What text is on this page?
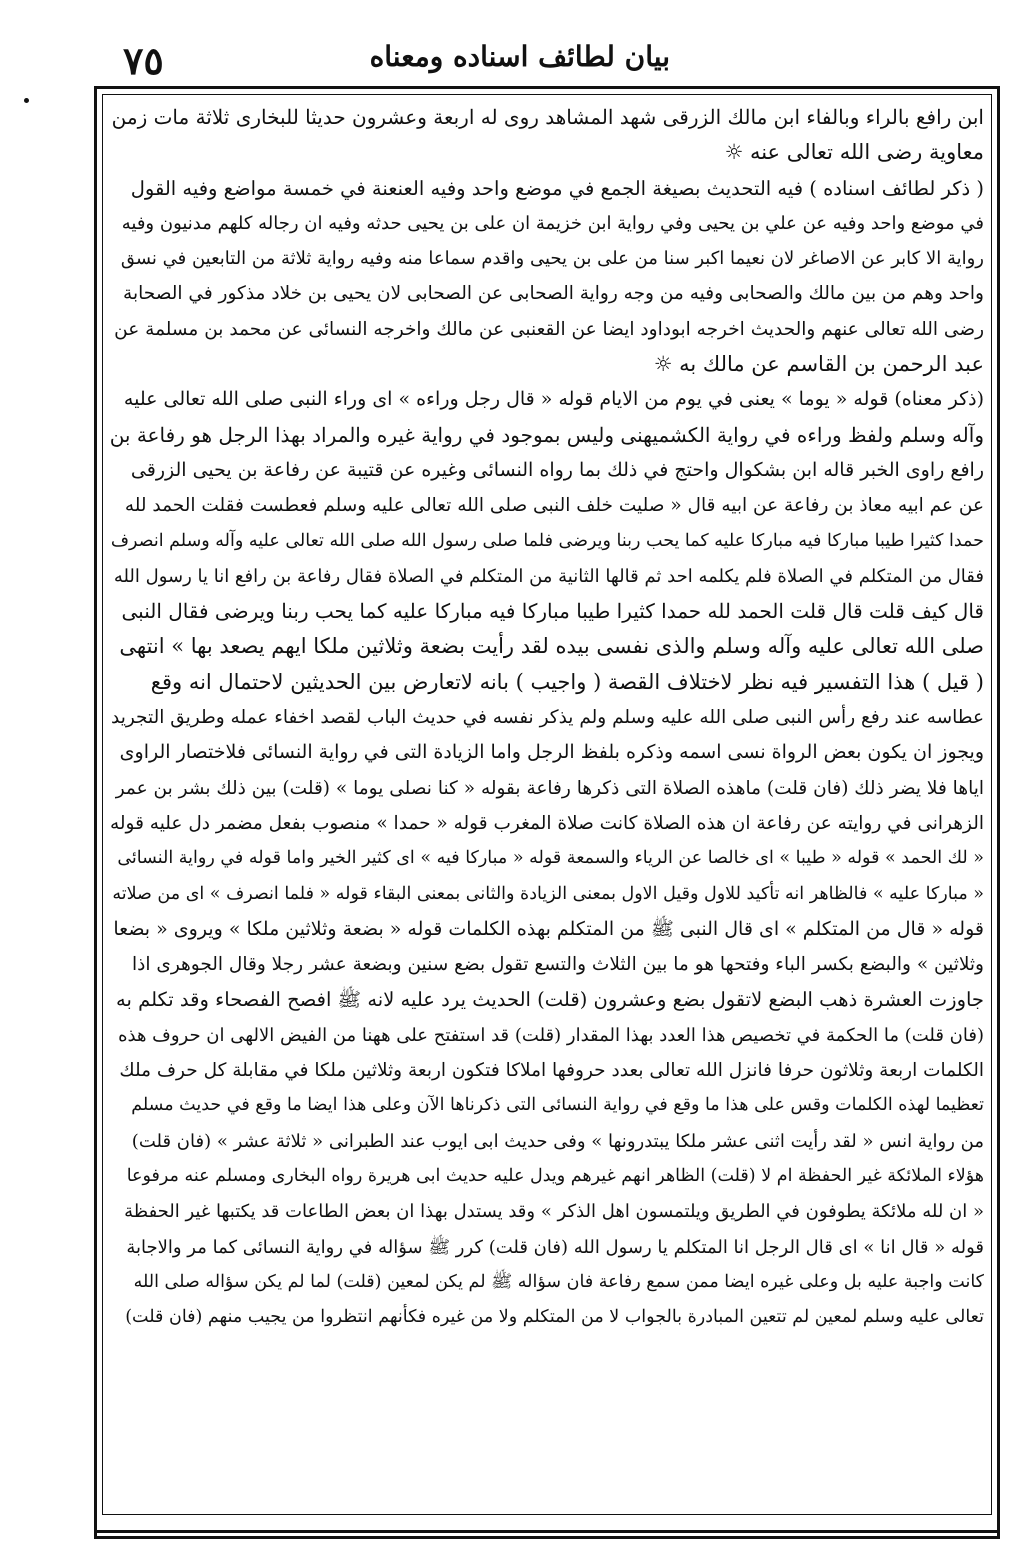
بيان لطائف اسناده ومعناه
٧٥
ابن رافع بالراء وبالفاء ابن مالك الزرقى شهد المشاهد روى له اربعة وعشرون حديثا للبخارى ثلاثة مات زمن
معاوية رضى الله تعالى عنه ☼
( ذكر لطائف اسناده ) فيه التحديث بصيغة الجمع في موضع واحد وفيه العنعنة في خمسة مواضع وفيه القول
في موضع واحد وفيه عن علي بن يحيى وفي رواية ابن خزيمة ان على بن يحيى حدثه وفيه ان رجاله كلهم مدنيون وفيه
رواية الا كابر عن الاصاغر لان نعيما اكبر سنا من على بن يحيى واقدم سماعا منه وفيه رواية ثلاثة من التابعين في نسق
واحد وهم من بين مالك والصحابى وفيه من وجه رواية الصحابى عن الصحابى لان يحيى بن خلاد مذكور في الصحابة
رضى الله تعالى عنهم والحديث اخرجه ابوداود ايضا عن القعنبى عن مالك واخرجه النسائى عن محمد بن مسلمة عن
عبد الرحمن بن القاسم عن مالك به ☼
(ذكر معناه) قوله « يوما » يعنى في يوم من الايام قوله « قال رجل وراءه » اى وراء النبى صلى الله تعالى عليه
وآله وسلم ولفظ وراءه في رواية الكشميهنى وليس بموجود في رواية غيره والمراد بهذا الرجل هو رفاعة بن
رافع راوى الخبر قاله ابن بشكوال واحتج في ذلك بما رواه النسائى وغيره عن قتيبة عن رفاعة بن يحيى الزرقى
عن عم ابيه معاذ بن رفاعة عن ابيه قال « صليت خلف النبى صلى الله تعالى عليه وسلم فعطست فقلت الحمد لله
حمدا كثيرا طيبا مباركا فيه مباركا عليه كما يحب ربنا ويرضى فلما صلى رسول الله صلى الله تعالى عليه وآله وسلم انصرف
فقال من المتكلم في الصلاة فلم يكلمه احد ثم قالها الثانية من المتكلم في الصلاة فقال رفاعة بن رافع انا يا رسول الله
قال كيف قلت قال قلت الحمد لله حمدا كثيرا طيبا مباركا فيه مباركا عليه كما يحب ربنا ويرضى فقال النبى
صلى الله تعالى عليه وآله وسلم والذى نفسى بيده لقد رأيت بضعة وثلاثين ملكا ايهم يصعد بها » انتهى
( قيل ) هذا التفسير فيه نظر لاختلاف القصة ( واجيب ) بانه لاتعارض بين الحديثين لاحتمال انه وقع
عطاسه عند رفع رأس النبى صلى الله عليه وسلم ولم يذكر نفسه في حديث الباب لقصد اخفاء عمله وطريق التجريد
ويجوز ان يكون بعض الرواة نسى اسمه وذكره بلفظ الرجل واما الزيادة التى في رواية النسائى فلاختصار الراوى
اياها فلا يضر ذلك (فان قلت) ماهذه الصلاة التى ذكرها رفاعة بقوله « كنا نصلى يوما » (قلت) بين ذلك بشر بن عمر
الزهرانى في روايته عن رفاعة ان هذه الصلاة كانت صلاة المغرب قوله « حمدا » منصوب بفعل مضمر دل عليه قوله
« لك الحمد » قوله « طيبا » اى خالصا عن الرياء والسمعة قوله « مباركا فيه » اى كثير الخير واما قوله في رواية النسائى
« مباركا عليه » فالظاهر انه تأكيد للاول وقيل الاول بمعنى الزيادة والثانى بمعنى البقاء قوله « فلما انصرف » اى من صلاته
قوله « قال من المتكلم » اى قال النبى ﷺ من المتكلم بهذه الكلمات قوله « بضعة وثلاثين ملكا » ويروى « بضعا
وثلاثين » والبضع بكسر الباء وفتحها هو ما بين الثلاث والتسع تقول بضع سنين وبضعة عشر رجلا وقال الجوهرى اذا
جاوزت العشرة ذهب البضع لاتقول بضع وعشرون (قلت) الحديث يرد عليه لانه ﷺ افصح الفصحاء وقد تكلم به
(فان قلت) ما الحكمة في تخصيص هذا العدد بهذا المقدار (قلت) قد استفتح على ههنا من الفيض الالهى ان حروف هذه
الكلمات اربعة وثلاثون حرفا فانزل الله تعالى بعدد حروفها املاكا فتكون اربعة وثلاثين ملكا في مقابلة كل حرف ملك
تعظيما لهذه الكلمات وقس على هذا ما وقع في رواية النسائى التى ذكرناها الآن وعلى هذا ايضا ما وقع في حديث مسلم
من رواية انس « لقد رأيت اثنى عشر ملكا يبتدرونها » وفى حديث ابى ايوب عند الطبرانى « ثلاثة عشر » (فان قلت)
هؤلاء الملائكة غير الحفظة ام لا (قلت) الظاهر انهم غيرهم ويدل عليه حديث ابى هريرة رواه البخارى ومسلم عنه مرفوعا
« ان لله ملائكة يطوفون في الطريق ويلتمسون اهل الذكر » وقد يستدل بهذا ان بعض الطاعات قد يكتبها غير الحفظة
قوله « قال انا » اى قال الرجل انا المتكلم يا رسول الله (فان قلت) كرر ﷺ سؤاله في رواية النسائى كما مر والاجابة
كانت واجبة عليه بل وعلى غيره ايضا ممن سمع رفاعة فان سؤاله ﷺ لم يكن لمعين (قلت) لما لم يكن سؤاله صلى الله
تعالى عليه وسلم لمعين لم تتعين المبادرة بالجواب لا من المتكلم ولا من غيره فكأنهم انتظروا من يجيب منهم (فان قلت)
